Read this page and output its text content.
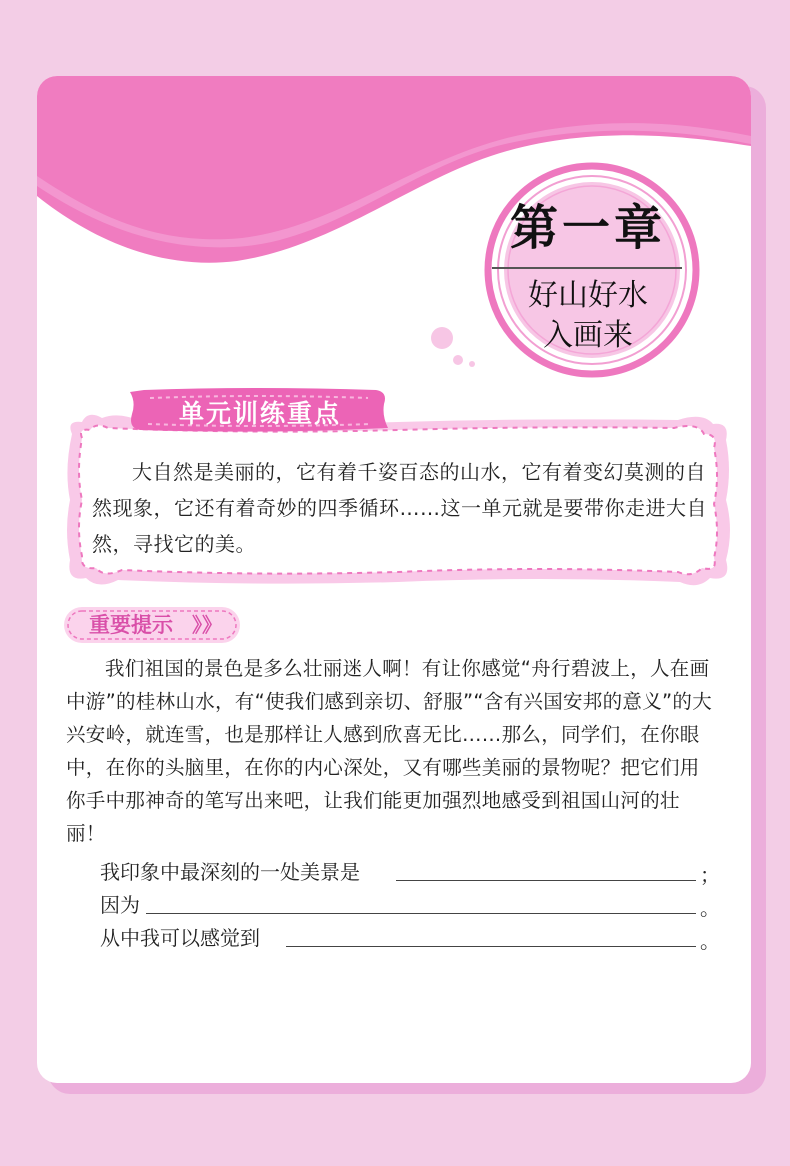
第一章
好山好水
入画来
单元训练重点

大自然是美丽的，它有着千姿百态的山水，它有着变幻莫测的自然现象，它还有着奇妙的四季循环……这一单元就是要带你走进大自然，寻找它的美。

重要提示 》》

我们祖国的景色是多么壮丽迷人啊！有让你感觉“舟行碧波上，人在画中游”的桂林山水，有“使我们感到亲切、舒服”“含有兴国安邦的意义”的大兴安岭，就连雪，也是那样让人感到欣喜无比……那么，同学们，在你眼中，在你的头脑里，在你的内心深处，又有哪些美丽的景物呢？把它们用你手中那神奇的笔写出来吧，让我们能更加强烈地感受到祖国山河的壮丽！

我印象中最深刻的一处美景是	；
因为	。
从中我可以感觉到	。
